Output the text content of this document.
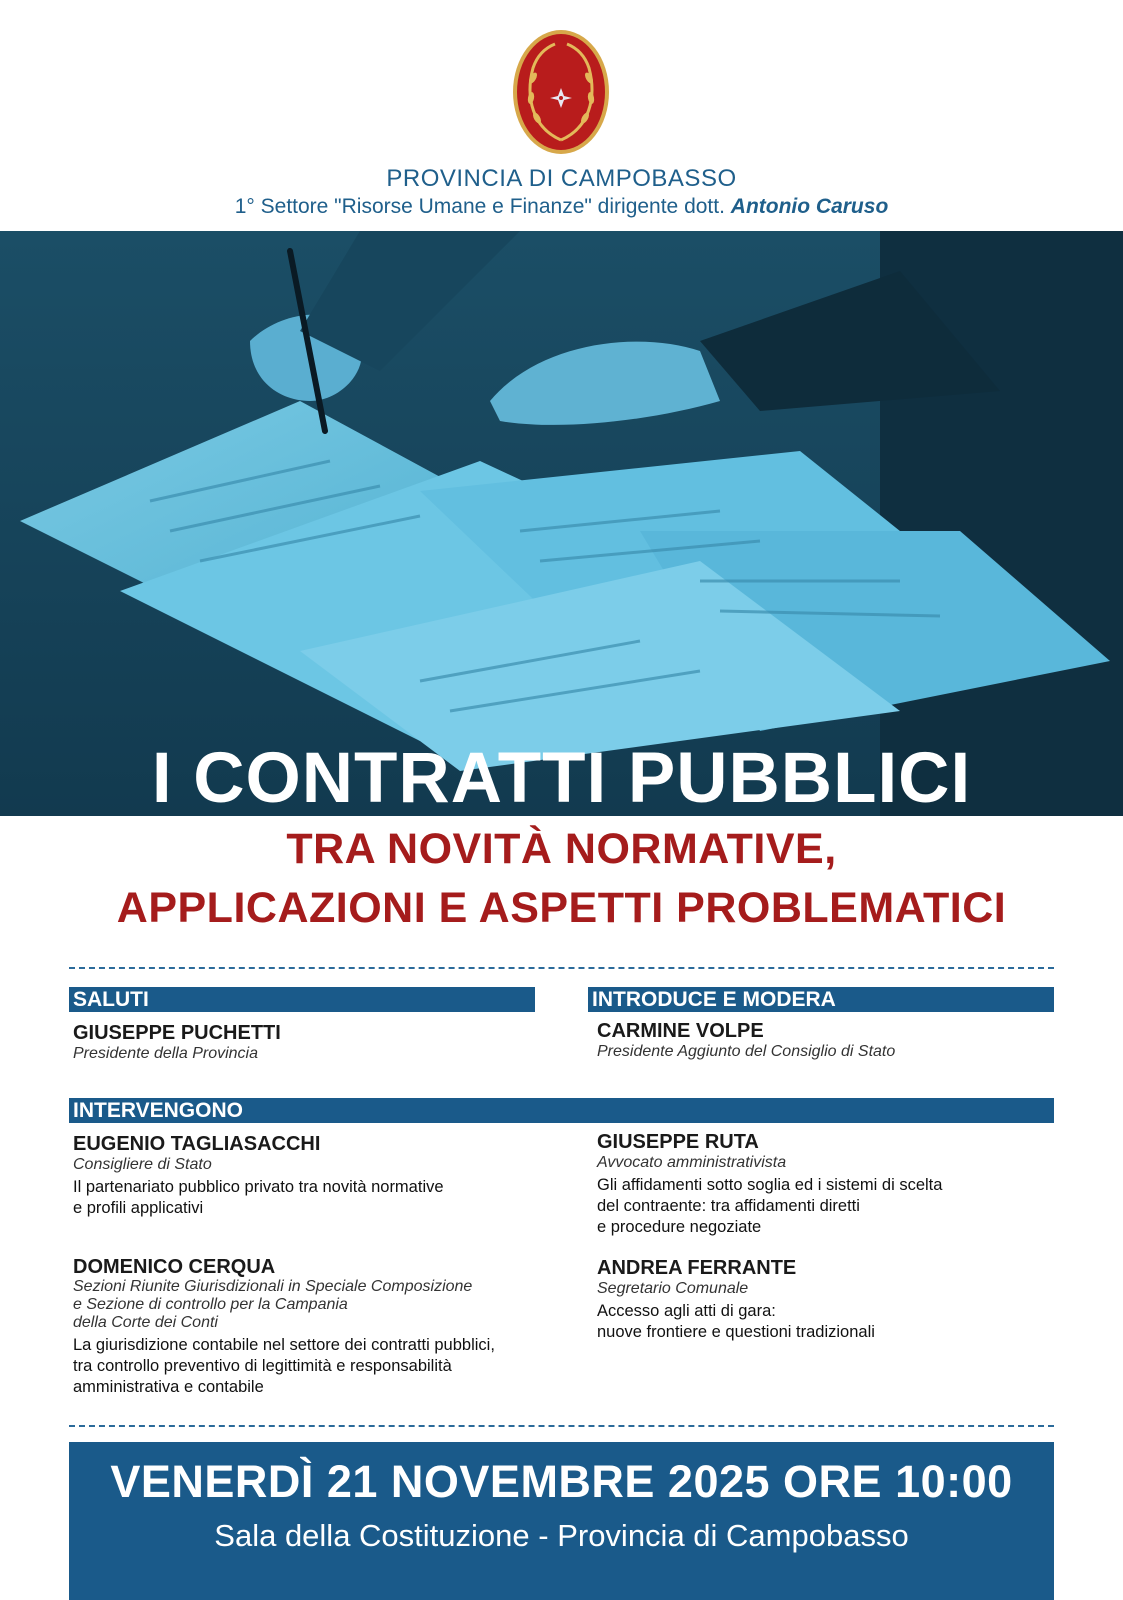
PROVINCIA DI CAMPOBASSO
1° Settore "Risorse Umane e Finanze" dirigente dott. Antonio Caruso
I CONTRATTI PUBBLICI
TRA NOVITÀ NORMATIVE,
APPLICAZIONI E ASPETTI PROBLEMATICI
SALUTI
GIUSEPPE PUCHETTI
Presidente della Provincia
INTRODUCE E MODERA
CARMINE VOLPE
Presidente Aggiunto del Consiglio di Stato
INTERVENGONO
EUGENIO TAGLIASACCHI
Consigliere di Stato
Il partenariato pubblico privato tra novità normative
e profili applicativi
GIUSEPPE RUTA
Avvocato amministrativista
Gli affidamenti sotto soglia ed i sistemi di scelta
del contraente: tra affidamenti diretti
e procedure negoziate
DOMENICO CERQUA
Sezioni Riunite Giurisdizionali in Speciale Composizione
e Sezione di controllo per la Campania
della Corte dei Conti
La giurisdizione contabile nel settore dei contratti pubblici,
tra controllo preventivo di legittimità e responsabilità
amministrativa e contabile
ANDREA FERRANTE
Segretario Comunale
Accesso agli atti di gara:
nuove frontiere e questioni tradizionali
VENERDÌ 21 NOVEMBRE 2025 ORE 10:00
Sala della Costituzione - Provincia di Campobasso
